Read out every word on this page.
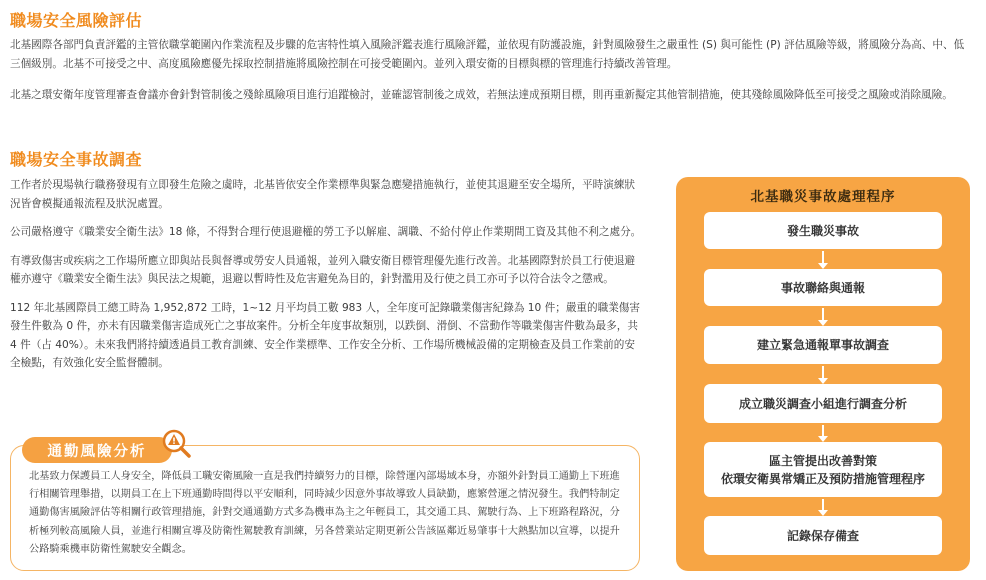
職場安全風險評估
北基國際各部門負責評鑑的主管依職掌範圍內作業流程及步驟的危害特性填入風險評鑑表進行風險評鑑，並依現有防護設施，針對風險發生之嚴重性 (S) 與可能性 (P) 評估風險等級，將風險分為高、中、低三個級別。北基不可接受之中、高度風險應優先採取控制措施將風險控制在可接受範圍內。並列入環安衛的目標與標的管理進行持續改善管理。
北基之環安衛年度管理審查會議亦會針對管制後之殘餘風險項目進行追蹤檢討，並確認管制後之成效，若無法達成預期目標，則再重新擬定其他管制措施，使其殘餘風險降低至可接受之風險或消除風險。
職場安全事故調查

工作者於現場執行職務發現有立即發生危險之虞時，北基皆依安全作業標準與緊急應變措施執行，並使其退避至安全場所，平時演練狀況皆會模擬通報流程及狀況處置。

公司嚴格遵守《職業安全衛生法》18 條，不得對合理行使退避權的勞工予以解雇、調職、不給付停止作業期間工資及其他不利之處分。

有導致傷害或疾病之工作場所應立即與站長與督導或勞安人員通報，並列入職安衛目標管理優先進行改善。北基國際對於員工行使退避權亦遵守《職業安全衛生法》與民法之規範，退避以暫時性及危害避免為目的，針對濫用及行使之員工亦可予以符合法令之懲戒。

112 年北基國際員工總工時為 1,952,872 工時，1~12 月平均員工數 983 人，全年度可記錄職業傷害紀錄為 10 件；嚴重的職業傷害發生件數為 0 件，亦未有因職業傷害造成死亡之事故案件。分析全年度事故類別，以跌倒、滑倒、不當動作等職業傷害件數為最多，共 4 件（占 40%）。未來我們將持續透過員工教育訓練、安全作業標準、工作安全分析、工作場所機械設備的定期檢查及員工作業前的安全檢點，有效強化安全監督體制。

北基致力保護員工人身安全，降低員工職安衛風險一直是我們持續努力的目標，除營運內部場域本身，亦額外針對員工通勤上下班進行相關管理舉措，以期員工在上下班通勤時間得以平安順利，同時減少因意外事故導致人員缺勤，應繁營運之情況發生。我們特制定通勤傷害風險評估等相關行政管理措施，針對交通通勤方式多為機車為主之年輕員工，其交通工具、駕駛行為、上下班路程路況，分析極列較高風險人員，並進行相關宣導及防衛性駕駛教育訓練，另各營業站定期更新公告該區鄰近易肇事十大熱點加以宣導，以提升公路騎乘機車防衛性駕駛安全觀念。
通勤風險分析
北基職災事故處理程序
發生職災事故
事故聯絡與通報
建立緊急通報單事故調查
成立職災調查小組進行調查分析
區主管提出改善對策
依環安衛異常矯正及預防措施管理程序
記錄保存備查
